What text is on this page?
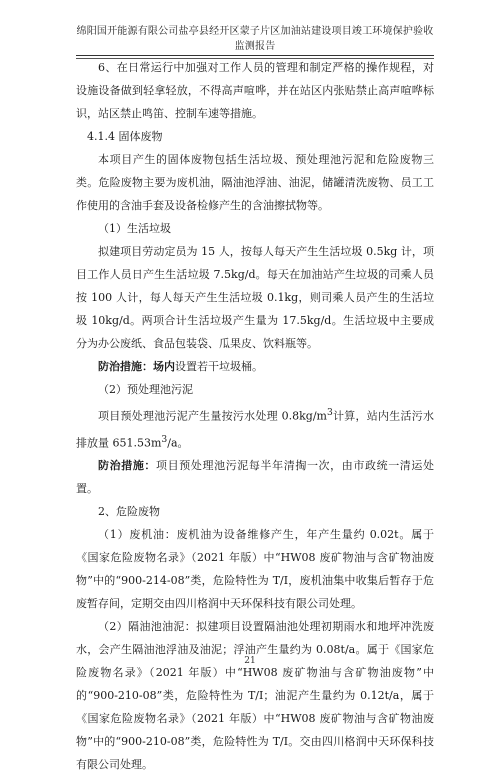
绵阳国开能源有限公司盐亭县经开区蒙子片区加油站建设项目竣工环境保护验收监测报告

6、在日常运行中加强对工作人员的管理和制定严格的操作规程，对设施设备做到轻拿轻放，不得高声喧哗，并在站区内张贴禁止高声喧哗标识，站区禁止鸣笛、控制车速等措施。

4.1.4 固体废物

本项目产生的固体废物包括生活垃圾、预处理池污泥和危险废物三类。危险废物主要为废机油，隔油池浮油、油泥，储罐清洗废物、员工工作使用的含油手套及设备检修产生的含油擦拭物等。

（1）生活垃圾

拟建项目劳动定员为 15 人，按每人每天产生生活垃圾 0.5kg 计，项目工作人员日产生生活垃圾 7.5kg/d。每天在加油站产生垃圾的司乘人员按 100 人计，每人每天产生生活垃圾 0.1kg，则司乘人员产生的生活垃圾 10kg/d。两项合计生活垃圾产生量为 17.5kg/d。生活垃圾中主要成分为办公废纸、食品包装袋、瓜果皮、饮料瓶等。

防治措施：场内设置若干垃圾桶。

（2）预处理池污泥

项目预处理池污泥产生量按污水处理 $0.8kg/m^3$计算，站内生活污水排放量 $651.53m^3/a$。

防治措施：项目预处理池污泥每半年清掏一次，由市政统一清运处置。

2、危险废物

（1）废机油：废机油为设备维修产生，年产生量约 0.02t。属于《国家危险废物名录》（2021 年版）中“HW08 废矿物油与含矿物油废物”中的“900-214-08”类，危险特性为 T/I，废机油集中收集后暂存于危废暂存间，定期交由四川格润中天环保科技有限公司处理。

（2）隔油池油泥：拟建项目设置隔油池处理初期雨水和地坪冲洗废水，会产生隔油池浮油及油泥；浮油产生量约为 0.08t/a。属于《国家危险废物名录》（2021 年版）中“HW08 废矿物油与含矿物油废物”中的“900-210-08”类，危险特性为 T/I；油泥产生量约为 0.12t/a，属于《国家危险废物名录》（2021 年版）中“HW08 废矿物油与含矿物油废物”中的“900-210-08”类，危险特性为 T/I。交由四川格润中天环保科技有限公司处理。

21
